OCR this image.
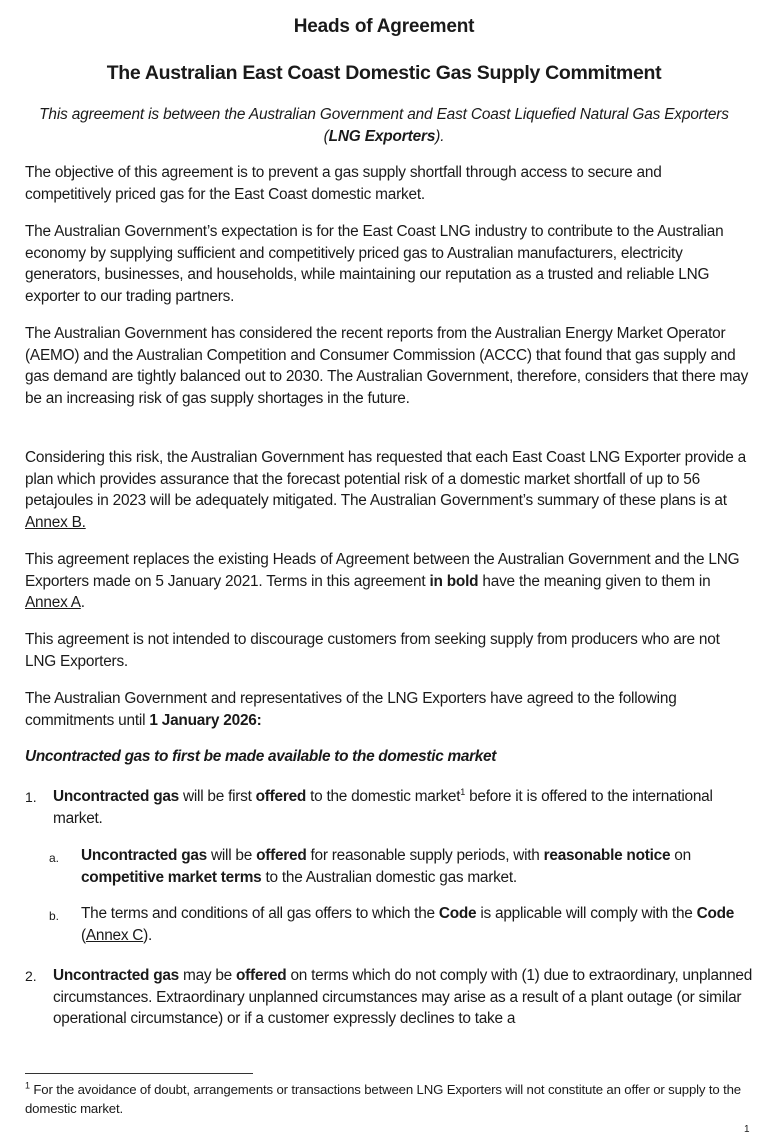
Heads of Agreement
The Australian East Coast Domestic Gas Supply Commitment
This agreement is between the Australian Government and East Coast Liquefied Natural Gas Exporters (LNG Exporters).
The objective of this agreement is to prevent a gas supply shortfall through access to secure and competitively priced gas for the East Coast domestic market.
The Australian Government’s expectation is for the East Coast LNG industry to contribute to the Australian economy by supplying sufficient and competitively priced gas to Australian manufacturers, electricity generators, businesses, and households, while maintaining our reputation as a trusted and reliable LNG exporter to our trading partners.
The Australian Government has considered the recent reports from the Australian Energy Market Operator (AEMO) and the Australian Competition and Consumer Commission (ACCC) that found that gas supply and gas demand are tightly balanced out to 2030. The Australian Government, therefore, considers that there may be an increasing risk of gas supply shortages in the future.
Considering this risk, the Australian Government has requested that each East Coast LNG Exporter provide a plan which provides assurance that the forecast potential risk of a domestic market shortfall of up to 56 petajoules in 2023 will be adequately mitigated. The Australian Government’s summary of these plans is at Annex B.
This agreement replaces the existing Heads of Agreement between the Australian Government and the LNG Exporters made on 5 January 2021. Terms in this agreement in bold have the meaning given to them in Annex A.
This agreement is not intended to discourage customers from seeking supply from producers who are not LNG Exporters.
The Australian Government and representatives of the LNG Exporters have agreed to the following commitments until 1 January 2026:
Uncontracted gas to first be made available to the domestic market
1. Uncontracted gas will be first offered to the domestic market$^1$ before it is offered to the international market.
a. Uncontracted gas will be offered for reasonable supply periods, with reasonable notice on competitive market terms to the Australian domestic gas market.
b. The terms and conditions of all gas offers to which the Code is applicable will comply with the Code (Annex C).
2. Uncontracted gas may be offered on terms which do not comply with (1) due to extraordinary, unplanned circumstances. Extraordinary unplanned circumstances may arise as a result of a plant outage (or similar operational circumstance) or if a customer expressly declines to take a
$^1$ For the avoidance of doubt, arrangements or transactions between LNG Exporters will not constitute an offer or supply to the domestic market.
1
